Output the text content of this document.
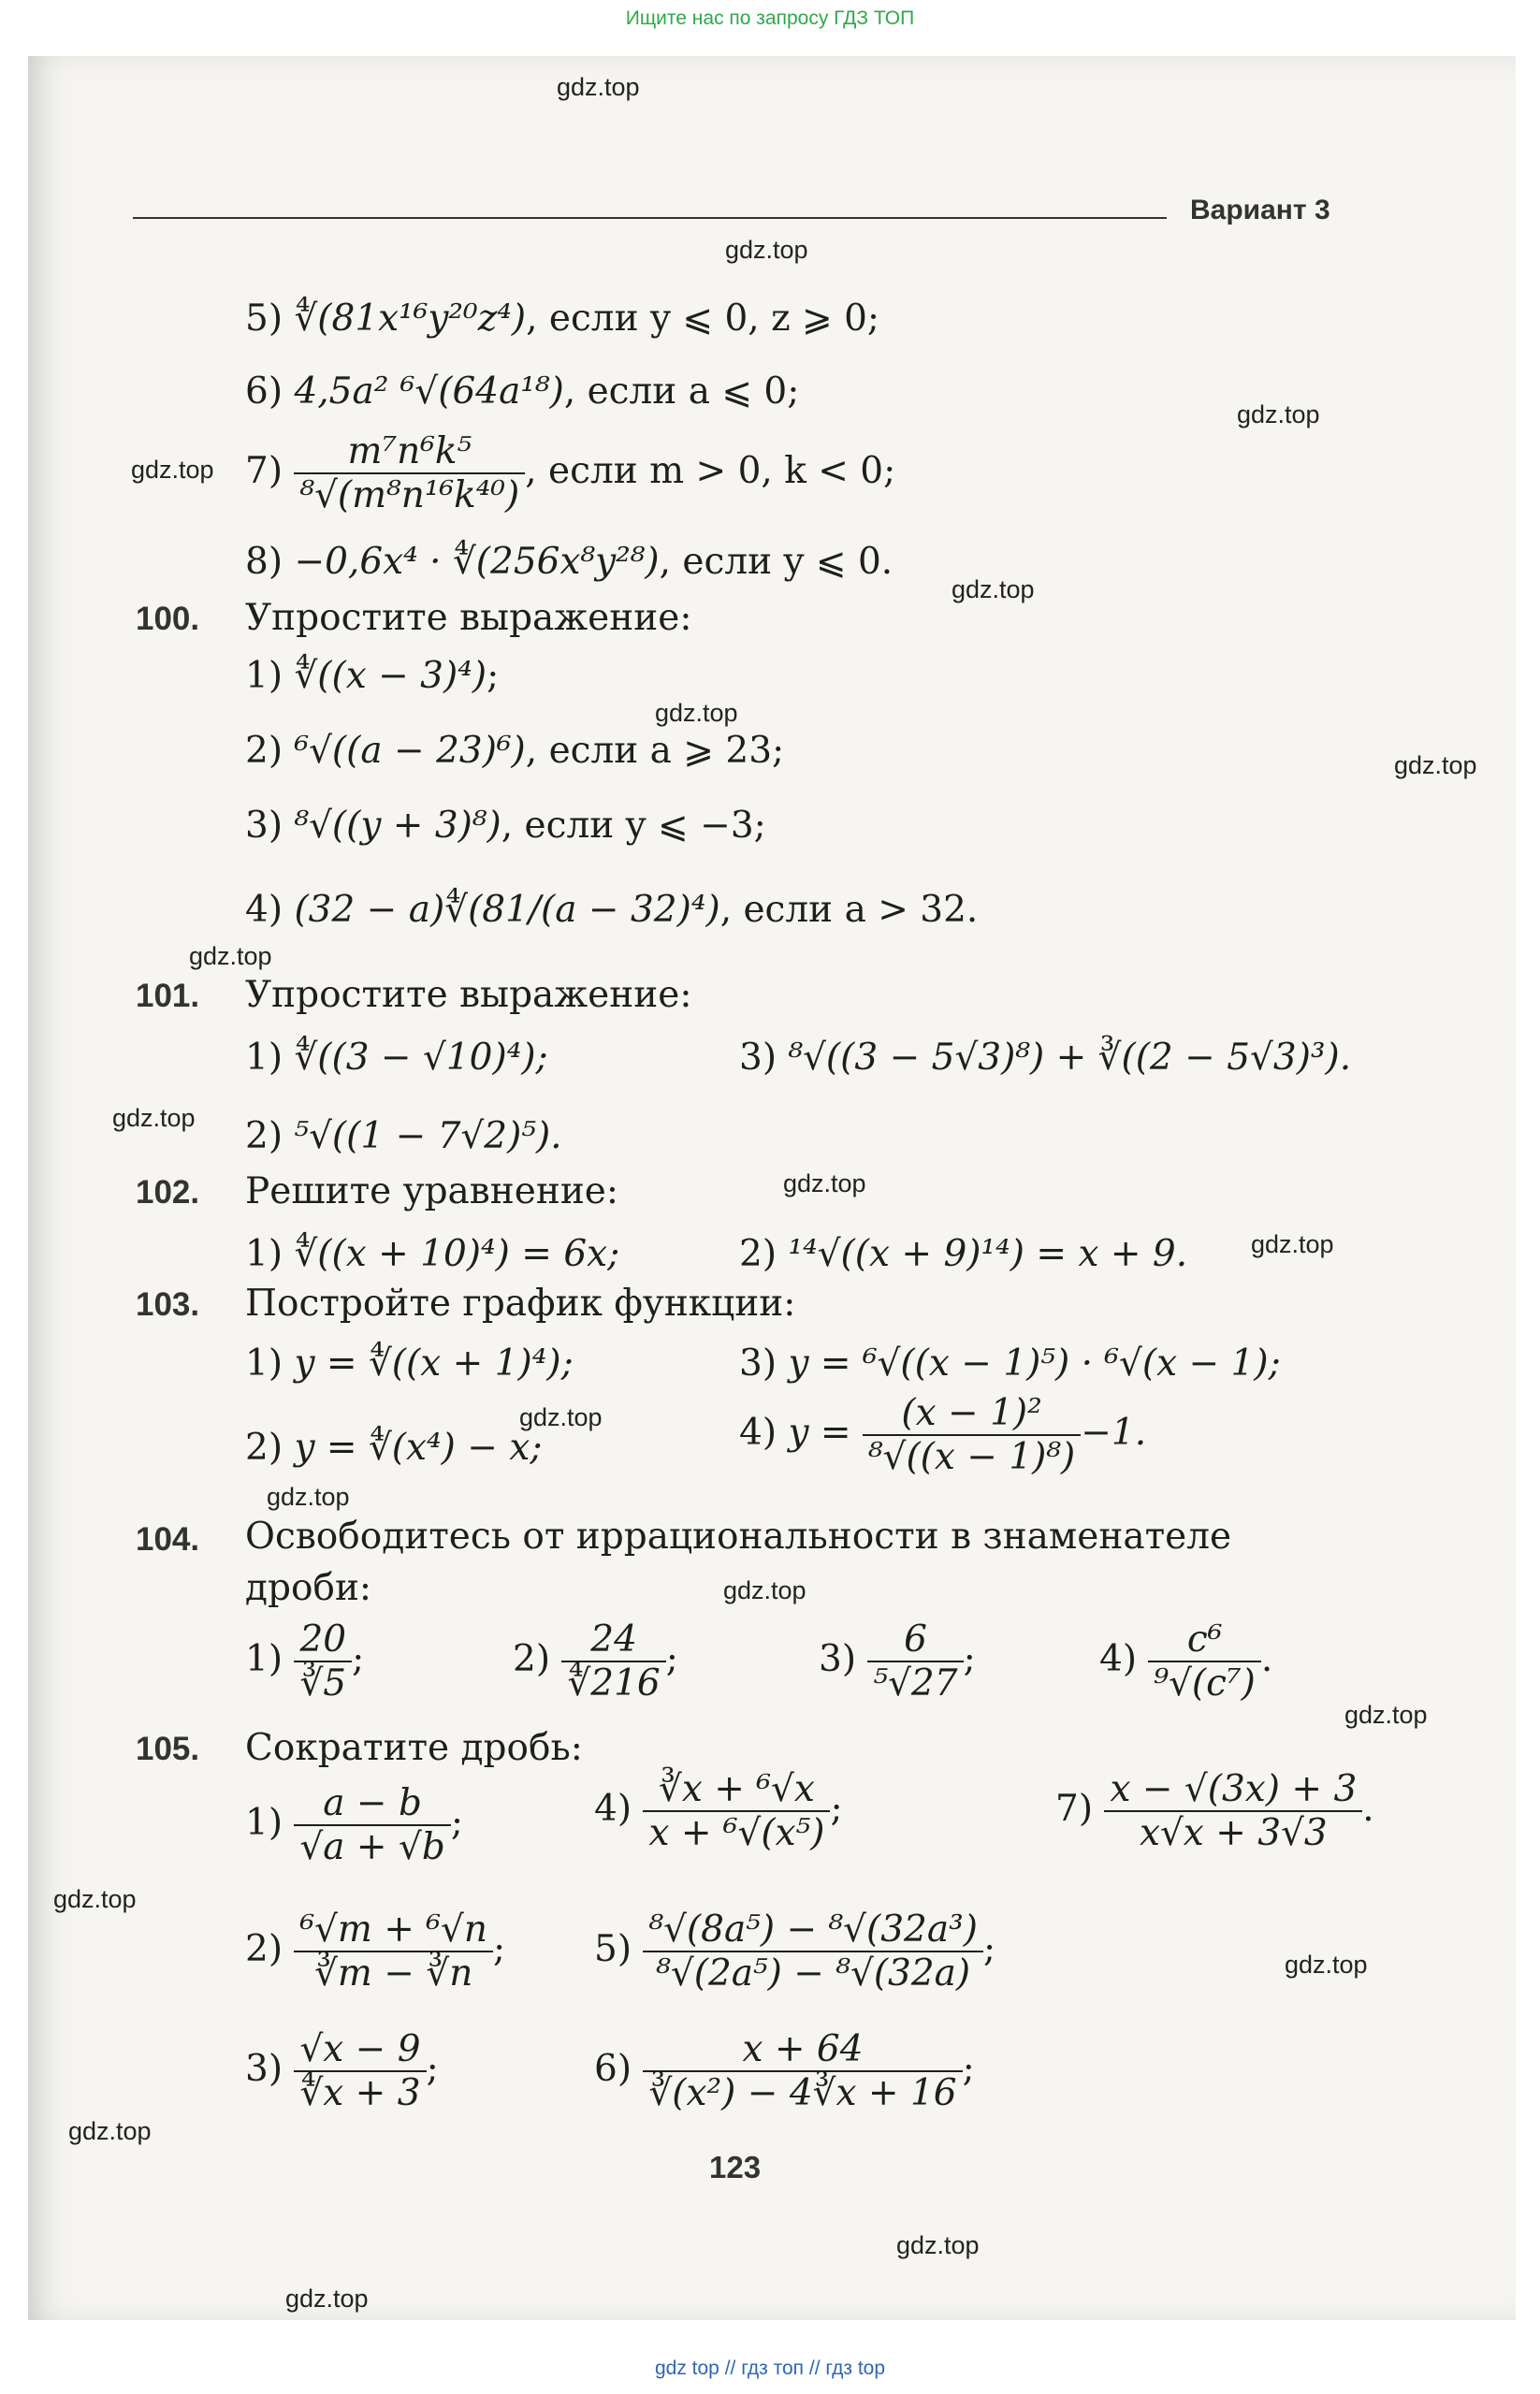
Ищите нас по запросу ГДЗ ТОП
Вариант 3
gdz.top
gdz.top
gdz.top
gdz.top
gdz.top
gdz.top
gdz.top
gdz.top
gdz.top
gdz.top
gdz.top
gdz.top
gdz.top
gdz.top
gdz.top
gdz.top
gdz.top
gdz.top
gdz.top
gdz.top
5) ∜(81x¹⁶y²⁰z⁴), если y ⩽ 0, z ⩾ 0;
6) 4,5a² ⁶√(64a¹⁸), если a ⩽ 0;
$7) \frac{\text{m⁷n⁶k⁵}}{\text{⁸√(m⁸n¹⁶k⁴⁰)}}$ , если m > 0, k < 0;
8) −0,6x⁴ · ∜(256x⁸y²⁸), если y ⩽ 0.
100. Упростите выражение:
1) ∜((x − 3)⁴);
2) ⁶√((a − 23)⁶), если a ⩾ 23;
3) ⁸√((y + 3)⁸), если y ⩽ −3;
4) (32 − a)∜(81/(a − 32)⁴), если a > 32.
101. Упростите выражение:
1) ∜((3 − √10)⁴);	3) ⁸√((3 − 5√3)⁸) + ∛((2 − 5√3)³).
2) ⁵√((1 − 7√2)⁵).
102. Решите уравнение:
1) ∜((x + 10)⁴) = 6x;	2) ¹⁴√((x + 9)¹⁴) = x + 9.
103. Постройте график функции:
1) y = ∜((x + 1)⁴);	3) y = ⁶√((x − 1)⁵) · ⁶√(x − 1);
2) y = ∜(x⁴) − x;	4) $y = \frac{\text{(x − 1)²}}{\text{⁸√((x − 1)⁸)}} -1$.
104. Освободитесь от иррациональности в знаменателе
дроби:
$1) \frac{20}{∛5}$ ;	$2) \frac{24}{∜216}$ ;	$3) \frac{6}{\text{⁵√27}}$ ;	$4) \frac{\text{c⁶}}{\text{⁹√(c⁷)}}$ .
105. Сократите дробь:
$1) \frac{a - b}{√a + √b}$ ;	$4) \frac{\text{∛x + ⁶√x}}{\text{x + ⁶√(x⁵)}}$ ;	$7) \frac{x - √(3x) + 3}{x√x + 3√3}$ .
$2) \frac{\text{⁶√m + ⁶√n}}{∛m - ∛n}$ ; $5) \frac{\text{⁸√(8a⁵) − ⁸√(32a³)}}{\text{⁸√(2a⁵) − ⁸√(32a)}}$ ;
$3) \frac{√x - 9}{∜x + 3}$ ;	$6) \frac{x + 64}{\text{∛(x²) − 4∛x + 16}}$ ;
123
gdz top // гдз топ // гдз top
